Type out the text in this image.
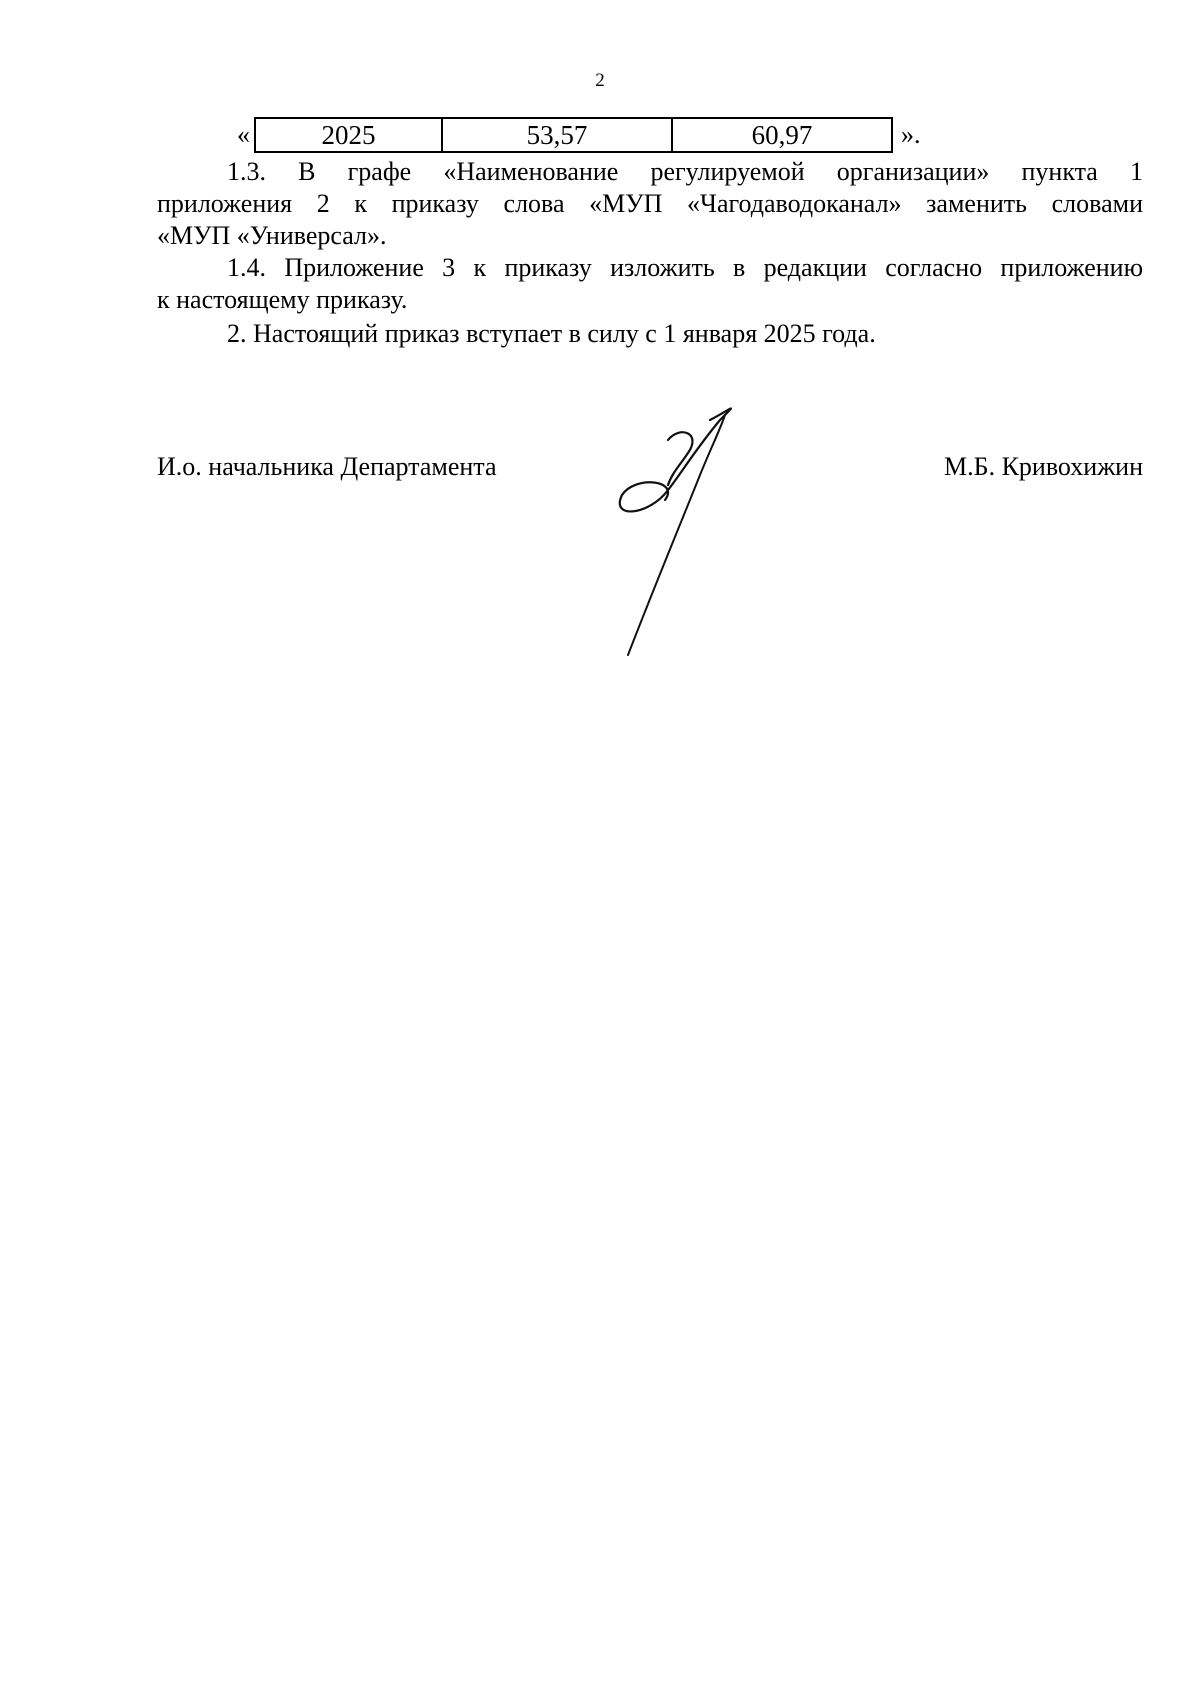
2
«	2025	53,57	60,97	».
1.3. В графе «Наименование регулируемой организации» пункта 1
приложения 2 к приказу слова «МУП «Чагодаводоканал» заменить словами
«МУП «Универсал».
1.4. Приложение 3 к приказу изложить в редакции согласно приложению
к настоящему приказу.
2. Настоящий приказ вступает в силу с 1 января 2025 года.
И.о. начальника Департамента	М.Б. Кривохижин
